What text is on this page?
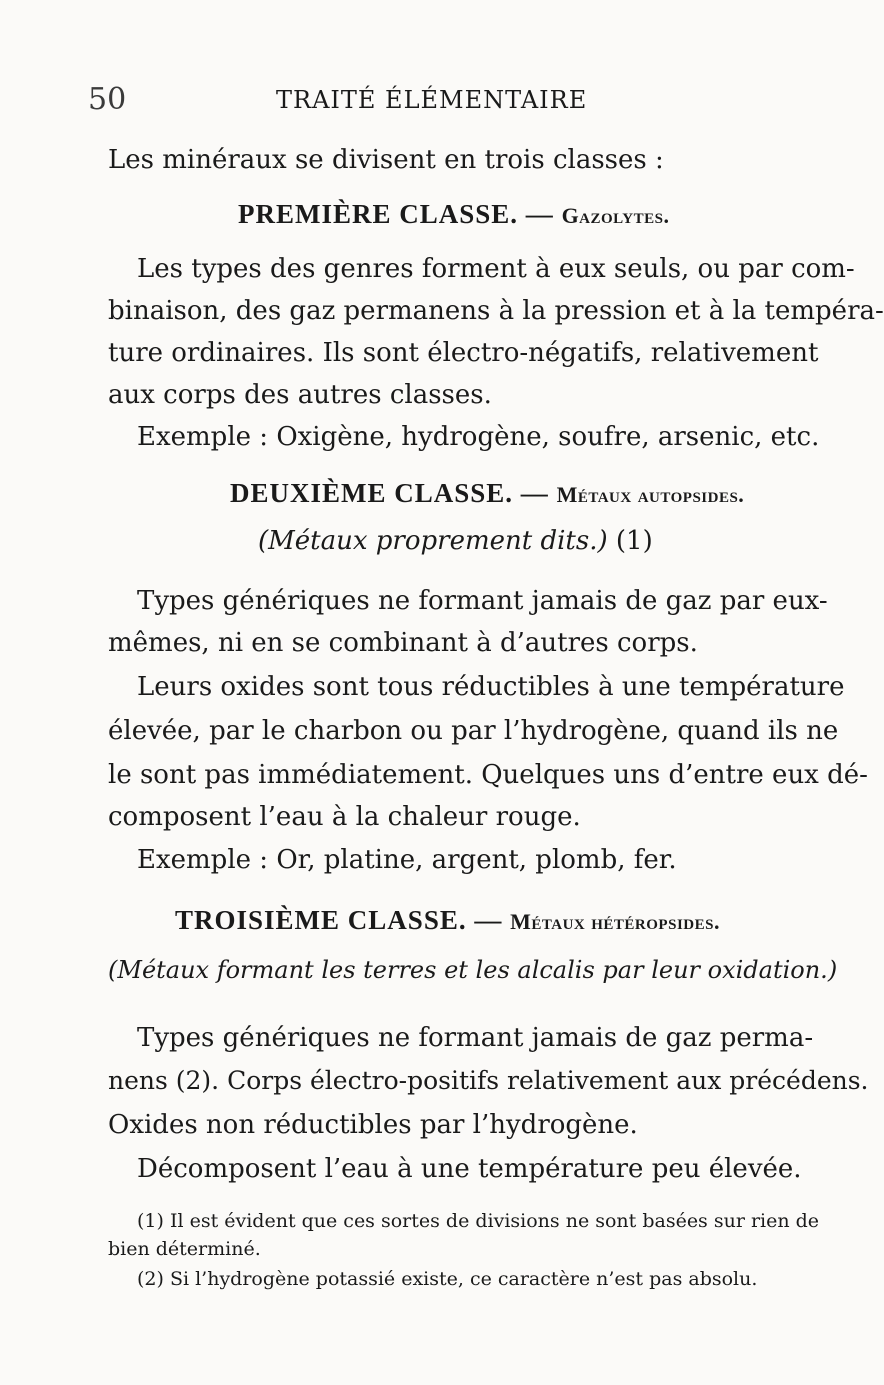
50	TRAITÉ ÉLÉMENTAIRE
Les minéraux se divisent en trois classes :
PREMIÈRE CLASSE. — Gazolytes.
Les types des genres forment à eux seuls, ou par com-
binaison, des gaz permanens à la pression et à la tempéra-
ture ordinaires. Ils sont électro-négatifs, relativement
aux corps des autres classes.
Exemple : Oxigène, hydrogène, soufre, arsenic, etc.
DEUXIÈME CLASSE. — Métaux autopsides.
(Métaux proprement dits.) (1)
Types génériques ne formant jamais de gaz par eux-
mêmes, ni en se combinant à d’autres corps.
Leurs oxides sont tous réductibles à une température
élevée, par le charbon ou par l’hydrogène, quand ils ne
le sont pas immédiatement. Quelques uns d’entre eux dé-
composent l’eau à la chaleur rouge.
Exemple : Or, platine, argent, plomb, fer.
TROISIÈME CLASSE. — Métaux hétéropsides.
(Métaux formant les terres et les alcalis par leur oxidation.)
Types génériques ne formant jamais de gaz perma-
nens (2). Corps électro-positifs relativement aux précédens.
Oxides non réductibles par l’hydrogène.
Décomposent l’eau à une température peu élevée.
(1) Il est évident que ces sortes de divisions ne sont basées sur rien de
bien déterminé.
(2) Si l’hydrogène potassié existe, ce caractère n’est pas absolu.
